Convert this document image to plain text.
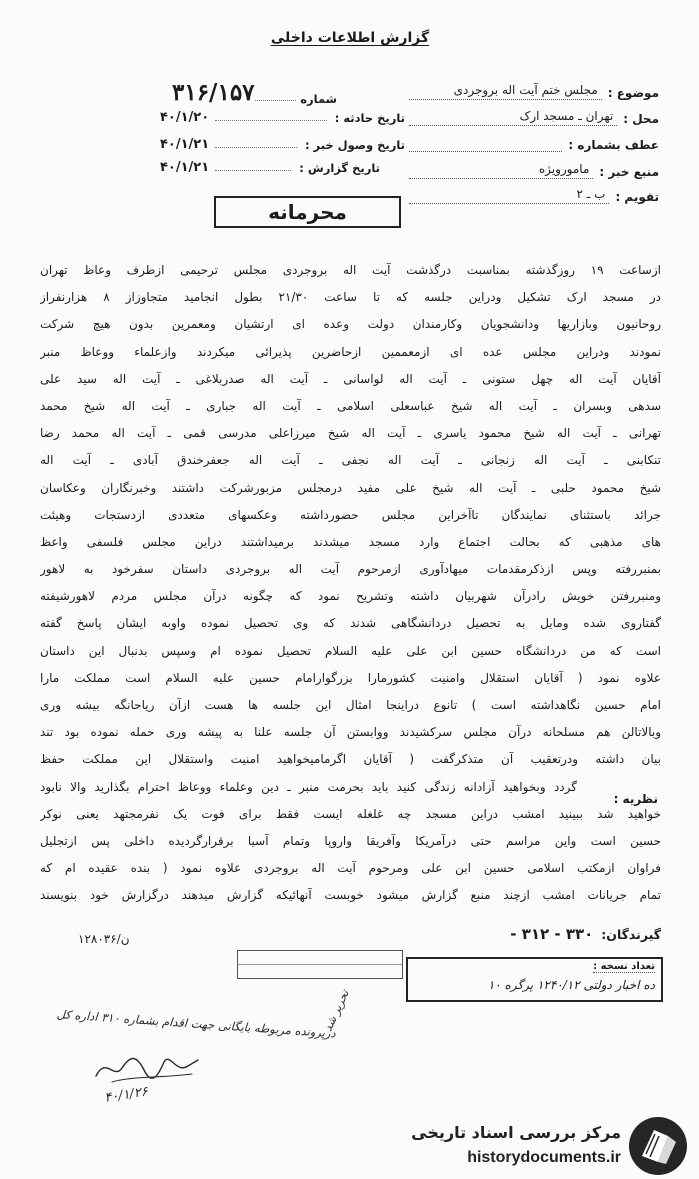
گزارش اطلاعات داخلی
موضوع :
مجلس ختم آیت اله بروجردی
محل :
تهران ـ مسجد ارک
عطف بشماره :
منبع خبر :
مامورویژه
تقویم :
ب ـ ۲
شماره
۳۱۶/۱۵۷
تاریخ حادثه :
۴۰/۱/۲۰
تاریخ وصول خبر :
۴۰/۱/۲۱
تاریخ گزارش :
۴۰/۱/۲۱
محرمانه
ازساعت ۱۹ روزگذشته بمناسبت درگذشت آیت اله بروجردی مجلس ترحیمی ازطرف وعاظ تهران
در مسجد ارک تشکیل ودراین جلسه که تا ساعت ۲۱/۳۰ بطول انجامید متجاوزاز ۸ هزارنفراز
روحانیون وبازاریها ودانشجویان وکارمندان دولت وعده ای ارتشیان ومعمرین بدون هیچ شرکت
نمودند ودراین مجلس عده ای ازمعممین ازحاضرین پذیرائی میکردند وازعلماء ووعاظ منبر
آقایان آیت اله چهل ستونی ـ آیت اله لواسانی ـ آیت اله صدربلاغی ـ آیت اله سید علی
سدهی وبسران ـ آیت اله شیخ عباسعلی اسلامی ـ آیت اله جباری ـ آیت اله شیخ محمد
تهرانی ـ آیت اله شیخ محمود یاسری ـ آیت اله شیخ میرزاعلی مدرسی قمی ـ آیت اله محمد رضا
تنکابنی ـ آیت اله زنجانی ـ آیت اله نجفی ـ آیت اله جعفرخندق آبادی ـ آیت اله
شیخ محمود حلبی ـ آیت اله شیخ علی مفید درمجلس مزبورشرکت داشتند وخبرنگاران وعکاسان
جرائد باستثنای نمایندگان تاآخراین مجلس حضورداشته وعکسهای متعددی ازدستجات وهیئت
های مذهبی که بحالت اجتماع وارد مسجد میشدند برمیداشتند دراین مجلس فلسفی واعظ
بمنبررفته وپس ازذکرمقدمات میهادآوری ازمرحوم آیت اله بروجردی داستان سفرخود به لاهور
ومنبررفتن خویش رادرآن شهربیان داشته وتشریح نمود که چگونه درآن مجلس مردم لاهورشیفته
گفتاروی شده ومایل به تحصیل دردانشگاهی شدند که وی تحصیل نموده واوبه ایشان پاسخ گفته
است که من دردانشگاه حسین ابن علی علیه السلام تحصیل نموده ام وسپس بدنبال این داستان
علاوه نمود ( آقایان استقلال وامنیت کشورمارا بزرگوارامام حسین علیه السلام است مملکت مارا
امام حسین نگاهداشته است ) تانوع دراینجا امثال این جلسه ها هست ازآن ریاحانگه بیشه وری
وبالاتالن هم مسلحانه درآن مجلس سرکشیدند ووابستن آن جلسه علنا به پیشه وری حمله نموده بود تند
بیان داشته ودرتعقیب آن متذکرگفت ( آقایان اگرمامیخواهید امنیت واستقلال این مملکت حفظ
گردد وبخواهید آزادانه زندگی کنید باید بحرمت منبر ـ دین وعلماء ووعاظ احترام بگذارید والا نابود
خواهید شد ببینید امشب دراین مسجد چه غلغله ایست فقط برای فوت یک نفرمجتهد یعنی نوکر
حسین است واین مراسم حتی درآمریکا وآفریقا واروپا وتمام آسیا برقرارگردیده داخلی پس ازتجلیل
فراوان ازمکتب اسلامی حسین ابن علی ومرحوم آیت اله بروجردی علاوه نمود ( بنده عقیده ام که
تمام جریانات امشب ازچند منبع گزارش میشود خوبست آنهائیکه گزارش میدهند درگزارش خود بنویسند
نظریه :
گیرندگان:
۳۳۰ - ۳۱۲ -
۱۲۸۰۳۶/ن
تعداد نسخه :
ده اخبار دولتی ۱۲۴۰/۱۲ پرگره ۱۰
تحریر شد
درپرونده مربوطه بایگانی جهت اقدام بشماره ۳۱۰ اداره کل
۴۰/۱/۲۶
مرکز بررسی اسناد تاریخی
historydocuments.ir
